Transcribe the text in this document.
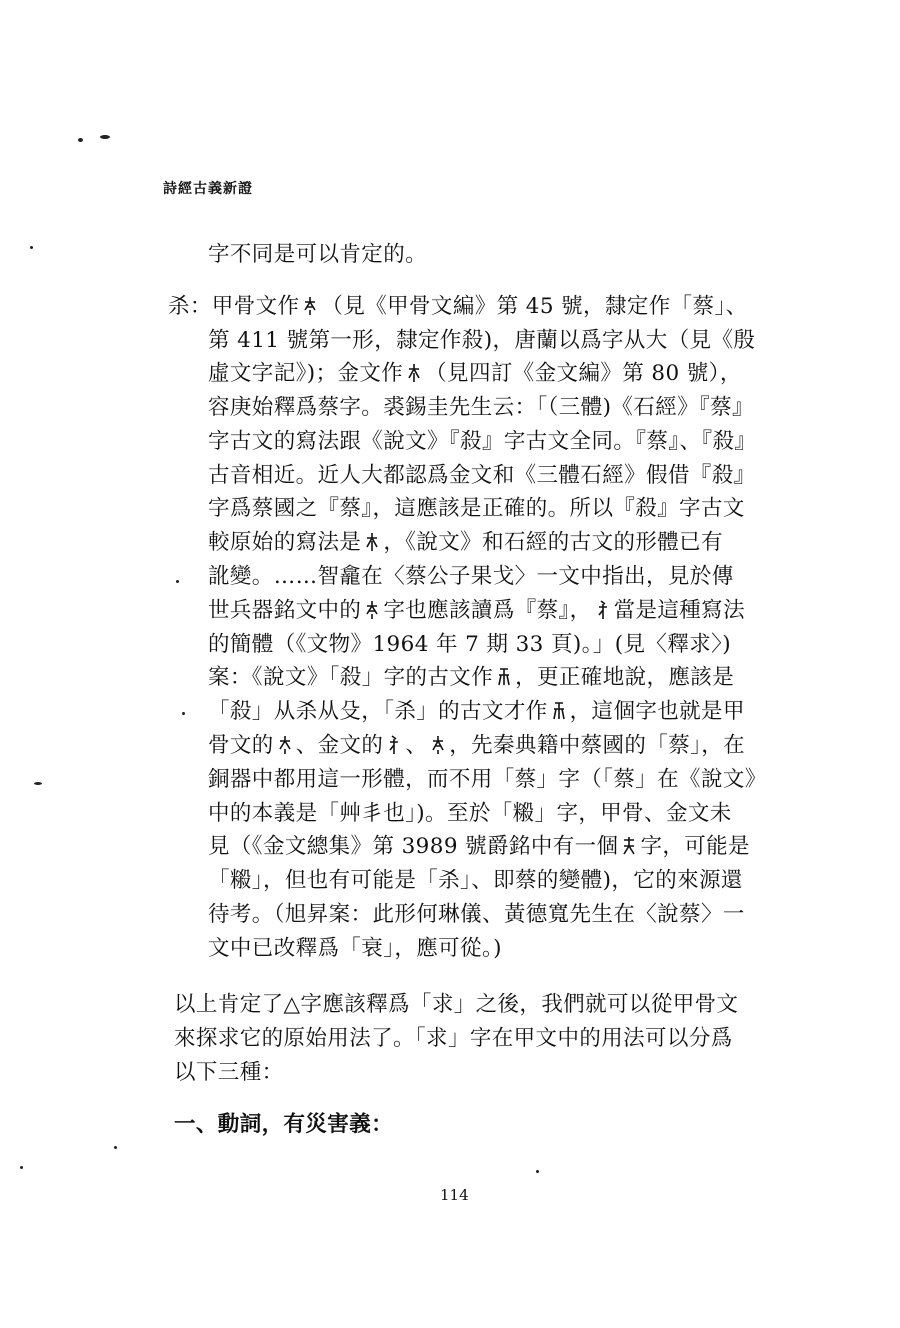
詩經古義新證
字不同是可以肯定的。
杀：甲骨文作 （見《甲骨文編》第 45 號，隸定作「蔡」、
第 411 號第一形，隸定作殺)，唐蘭以爲字从大（見《殷
虛文字記》)；金文作 （見四訂《金文編》第 80 號），
容庚始釋爲蔡字。裘錫圭先生云：「（三體)《石經》『蔡』
字古文的寫法跟《說文》『殺』字古文全同。『蔡』、『殺』
古音相近。近人大都認爲金文和《三體石經》假借『殺』
字爲蔡國之『蔡』，這應該是正確的。所以『殺』字古文
較原始的寫法是 ，《說文》和石經的古文的形體已有
訛變。……智龕在〈蔡公子果戈〉一文中指出，見於傳
世兵器銘文中的 字也應該讀爲『蔡』， 當是這種寫法
的簡體（《文物》1964 年 7 期 33 頁)。」(見〈釋求〉)
案：《說文》「殺」字的古文作 ，更正確地說，應該是
「殺」从杀从殳，「杀」的古文才作 ，這個字也就是甲
骨文的 、金文的 、 ，先秦典籍中蔡國的「蔡」，在
銅器中都用這一形體，而不用「蔡」字（「蔡」在《說文》
中的本義是「艸丯也」)。至於「䊛」字，甲骨、金文未
見（《金文總集》第 3989 號爵銘中有一個 字，可能是
「䊛」，但也有可能是「杀」、即蔡的變體)，它的來源還
待考。（旭昇案：此形何琳儀、黃德寬先生在〈說蔡〉一
文中已改釋爲「衰」，應可從。)
以上肯定了△字應該釋爲「求」之後，我們就可以從甲骨文
來探求它的原始用法了。「求」字在甲文中的用法可以分爲
以下三種：
一、動詞，有災害義：
114
